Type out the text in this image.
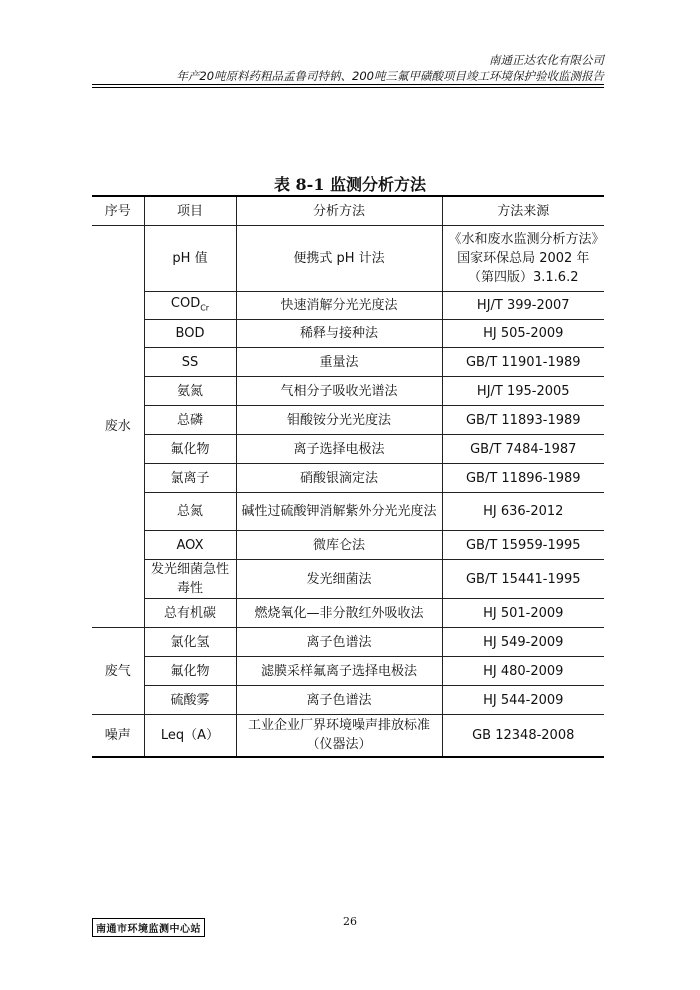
南通正达农化有限公司
年产20吨原料药粗品孟鲁司特钠、200吨三氟甲磺酸项目竣工环境保护验收监测报告
表 8-1 监测分析方法
序号	项目	分析方法	方法来源
废水	pH 值	便携式 pH 计法	《水和废水监测分析方法》国家环保总局 2002 年（第四版）3.1.6.2
	$COD_{Cr}$	快速消解分光光度法	HJ/T 399-2007
	BOD	稀释与接种法	HJ 505-2009
	SS	重量法	GB/T 11901-1989
	氨氮	气相分子吸收光谱法	HJ/T 195-2005
	总磷	钼酸铵分光光度法	GB/T 11893-1989
	氟化物	离子选择电极法	GB/T 7484-1987
	氯离子	硝酸银滴定法	GB/T 11896-1989
	总氮	碱性过硫酸钾消解紫外分光光度法	HJ 636-2012
	AOX	微库仑法	GB/T 15959-1995
	发光细菌急性毒性	发光细菌法	GB/T 15441-1995
	总有机碳	燃烧氧化—非分散红外吸收法	HJ 501-2009
废气	氯化氢	离子色谱法	HJ 549-2009
	氟化物	滤膜采样氟离子选择电极法	HJ 480-2009
	硫酸雾	离子色谱法	HJ 544-2009
噪声	Leq（A）	工业企业厂界环境噪声排放标准（仪器法）	GB 12348-2008
26
南通市环境监测中心站
